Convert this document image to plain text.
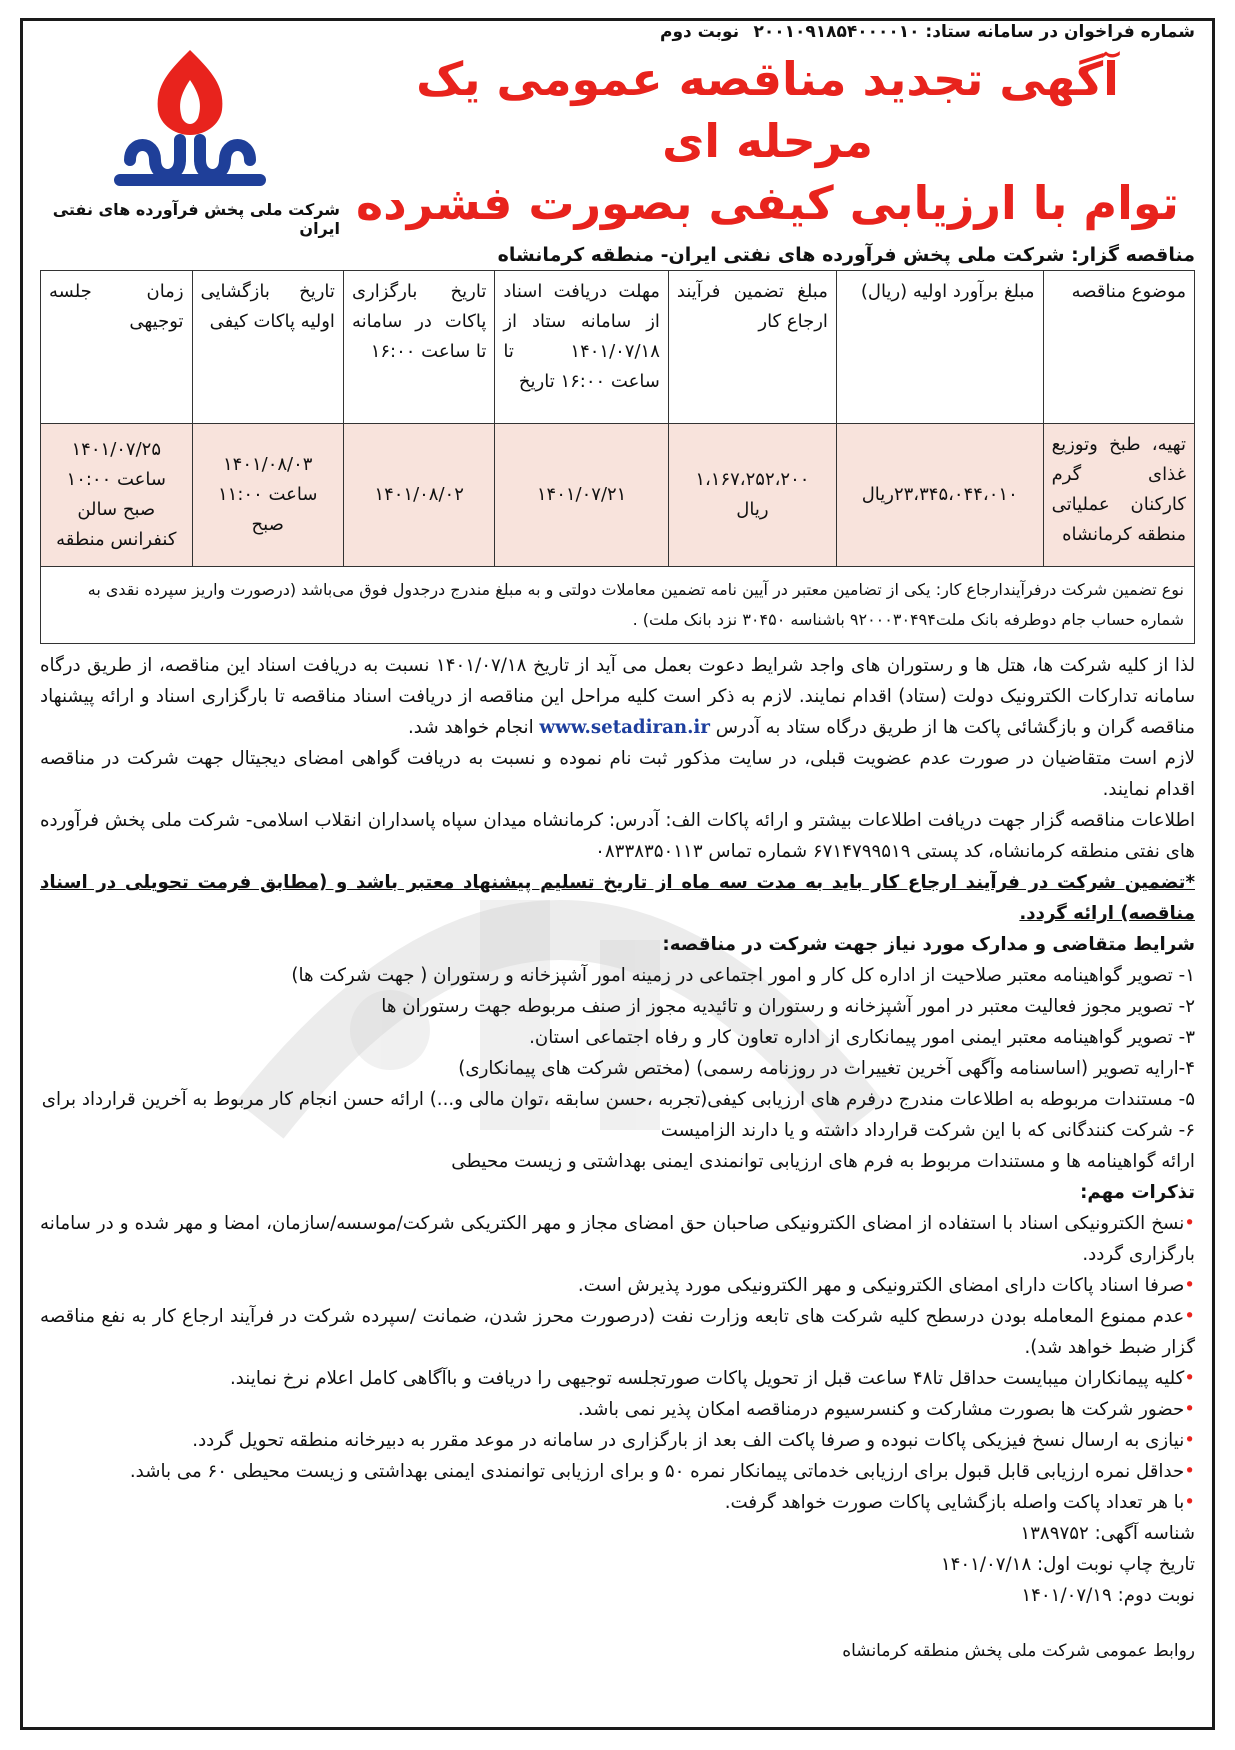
شماره فراخوان در سامانه ستاد: ۲۰۰۱۰۹۱۸۵۴۰۰۰۰۱۰
نوبت دوم
آگهی تجدید مناقصه عمومی یک مرحله ای
توام با ارزیابی کیفی بصورت فشرده
شرکت ملی پخش فرآورده های نفتی ایران
مناقصه گزار: شرکت ملی پخش فرآورده های نفتی ایران- منطقه کرمانشاه
موضوع مناقصه	مبلغ برآورد اولیه (ریال)	مبلغ تضمین فرآیند ارجاع کار	مهلت دریافت اسناد از سامانه ستاد از ۱۴۰۱/۰۷/۱۸ تا ساعت ۱۶:۰۰ تاریخ	تاریخ بارگزاری پاکات در سامانه تا ساعت ۱۶:۰۰	تاریخ بازگشایی اولیه پاکات کیفی	زمان جلسه توجیهی
تهیه، طبخ وتوزیع غذای گرم کارکنان عملیاتی منطقه کرمانشاه	۲۳،۳۴۵،۰۴۴،۰۱۰ریال	۱،۱۶۷،۲۵۲،۲۰۰ ریال	۱۴۰۱/۰۷/۲۱	۱۴۰۱/۰۸/۰۲	۱۴۰۱/۰۸/۰۳ ساعت ۱۱:۰۰ صبح	۱۴۰۱/۰۷/۲۵ ساعت ۱۰:۰۰ صبح سالن کنفرانس منطقه
نوع تضمین شرکت درفرآیندارجاع کار: یکی از تضامین معتبر در آیین نامه تضمین معاملات دولتی و به مبلغ مندرج درجدول فوق می‌باشد (درصورت واریز سپرده نقدی به شماره حساب جام دوطرفه بانک ملت۹۲۰۰۰۳۰۴۹۴ باشناسه ۳۰۴۵۰ نزد بانک ملت) .

لذا از کلیه شرکت ها، هتل ها و رستوران های واجد شرایط دعوت بعمل می آید از تاریخ ۱۴۰۱/۰۷/۱۸ نسبت به دریافت اسناد این مناقصه، از طریق درگاه سامانه تدارکات الکترونیک دولت (ستاد) اقدام نمایند. لازم به ذکر است کلیه مراحل این مناقصه از دریافت اسناد مناقصه تا بارگزاری اسناد و ارائه پیشنهاد مناقصه گران و بازگشائی پاکت ها از طریق درگاه ستاد به آدرس www.setadiran.ir انجام خواهد شد.

لازم است متقاضیان در صورت عدم عضویت قبلی، در سایت مذکور ثبت نام نموده و نسبت به دریافت گواهی امضای دیجیتال جهت شرکت در مناقصه اقدام نمایند.

اطلاعات مناقصه گزار جهت دریافت اطلاعات بیشتر و ارائه پاکات الف: آدرس: کرمانشاه میدان سپاه پاسداران انقلاب اسلامی- شرکت ملی پخش فرآورده های نفتی منطقه کرمانشاه، کد پستی ۶۷۱۴۷۹۹۵۱۹ شماره تماس ۰۸۳۳۸۳۵۰۱۱۳

*تضمین شرکت در فرآیند ارجاع کار باید به مدت سه ماه از تاریخ تسلیم پیشنهاد معتبر باشد و (مطابق فرمت تحویلی در اسناد مناقصه) ارائه گردد.

شرایط متقاضی و مدارک مورد نیاز جهت شرکت در مناقصه:

۱- تصویر گواهینامه معتبر صلاحیت از اداره کل کار و امور اجتماعی در زمینه امور آشپزخانه و رستوران ( جهت شرکت ها)

۲- تصویر مجوز فعالیت معتبر در امور آشپزخانه و رستوران و تائیدیه مجوز از صنف مربوطه جهت رستوران ها

۳- تصویر گواهینامه معتبر ایمنی امور پیمانکاری از اداره تعاون کار و رفاه اجتماعی استان.

۴-ارایه تصویر (اساسنامه وآگهی آخرین تغییرات در روزنامه رسمی) (مختص شرکت های پیمانکاری)

۵- مستندات مربوطه به اطلاعات مندرج درفرم های ارزیابی کیفی(تجربه ،حسن سابقه ،توان مالی و...) ارائه حسن انجام کار مربوط به آخرین قرارداد برای

۶- شرکت کنندگانی که با این شرکت قرارداد داشته و یا دارند الزامیست

ارائه گواهینامه ها و مستندات مربوط به فرم های ارزیابی توانمندی ایمنی بهداشتی و زیست محیطی

تذکرات مهم:

•نسخ الکترونیکی اسناد با استفاده از امضای الکترونیکی صاحبان حق امضای مجاز و مهر الکتریکی شرکت/موسسه/سازمان، امضا و مهر شده و در سامانه بارگزاری گردد.

•صرفا اسناد پاکات دارای امضای الکترونیکی و مهر الکترونیکی مورد پذیرش است.

•عدم ممنوع المعامله بودن درسطح کلیه شرکت های تابعه وزارت نفت (درصورت محرز شدن، ضمانت /سپرده شرکت در فرآیند ارجاع کار به نفع مناقصه گزار ضبط خواهد شد).

•کلیه پیمانکاران میبایست حداقل تا۴۸ ساعت قبل از تحویل پاکات صورتجلسه توجیهی را دریافت و باآگاهی کامل اعلام نرخ نمایند.

•حضور شرکت ها بصورت مشارکت و کنسرسیوم درمناقصه امکان پذیر نمی باشد.

•نیازی به ارسال نسخ فیزیکی پاکات نبوده و صرفا پاکت الف بعد از بارگزاری در سامانه در موعد مقرر به دبیرخانه منطقه تحویل گردد.

•حداقل نمره ارزیابی قابل قبول برای ارزیابی خدماتی پیمانکار نمره ۵۰ و برای ارزیابی توانمندی ایمنی بهداشتی و زیست محیطی ۶۰ می باشد.

•با هر تعداد پاکت واصله بازگشایی پاکات صورت خواهد گرفت.

شناسه آگهی: ۱۳۸۹۷۵۲

تاریخ چاپ نوبت اول: ۱۴۰۱/۰۷/۱۸

نوبت دوم: ۱۴۰۱/۰۷/۱۹

روابط عمومی شرکت ملی پخش منطقه کرمانشاه
